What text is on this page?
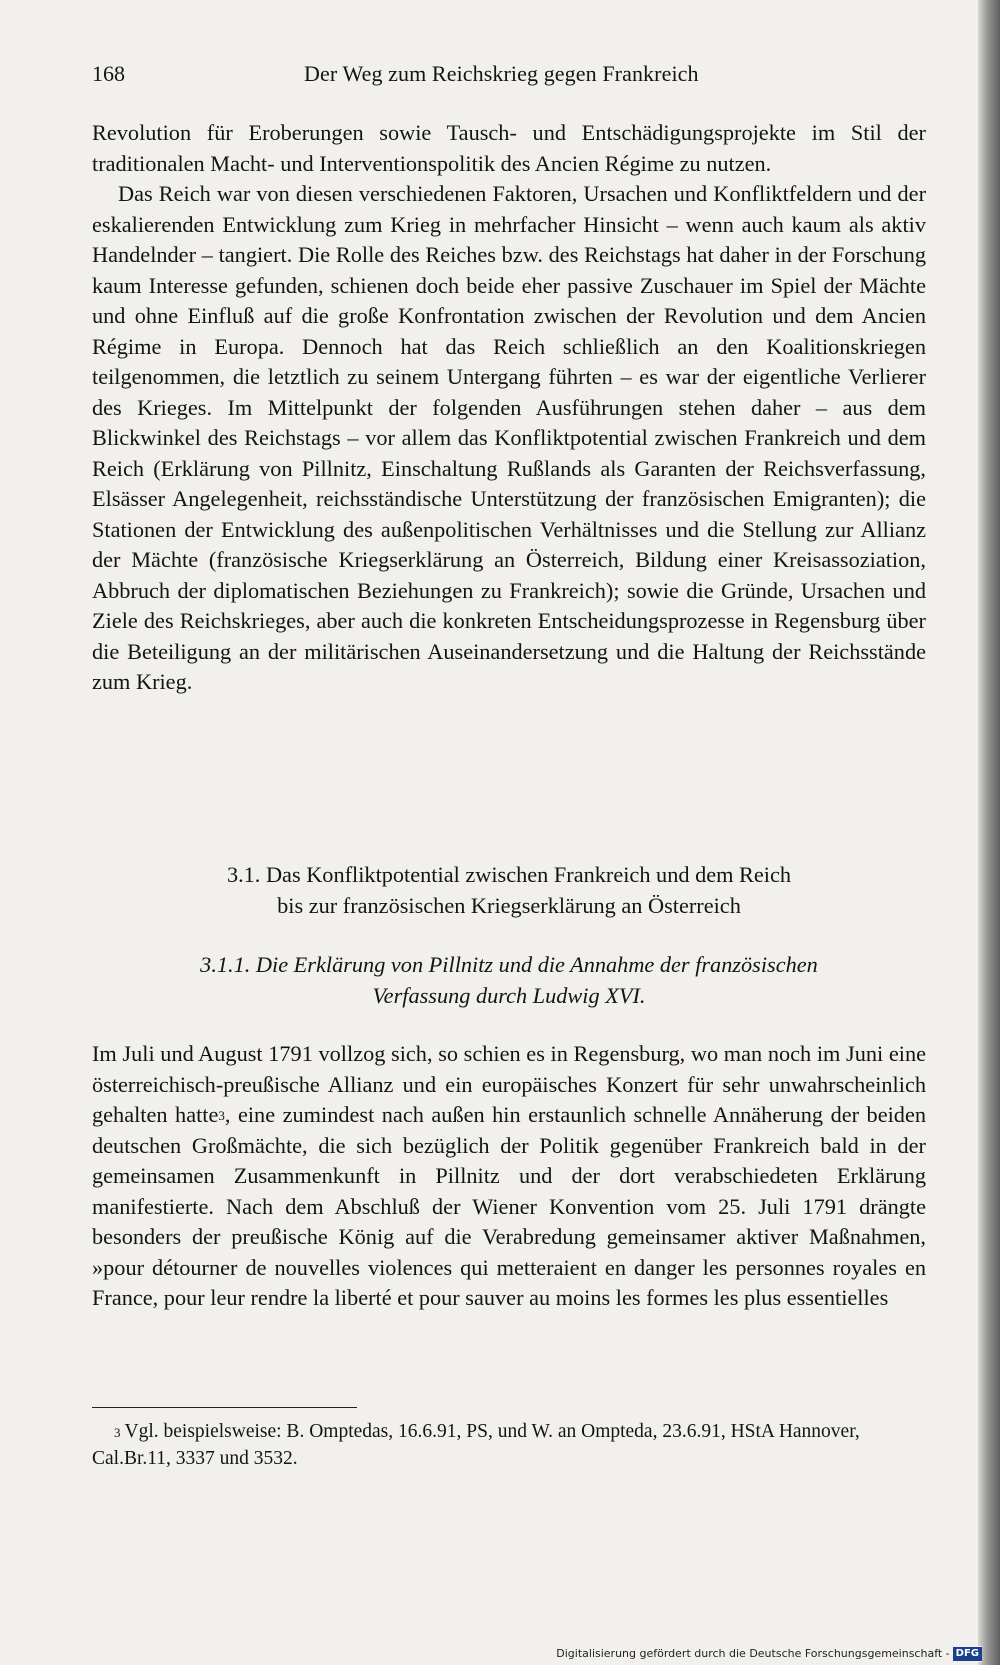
168	Der Weg zum Reichskrieg gegen Frankreich

Revolution für Eroberungen sowie Tausch- und Entschädigungsprojekte im Stil der traditionalen Macht- und Interventionspolitik des Ancien Régime zu nutzen.

Das Reich war von diesen verschiedenen Faktoren, Ursachen und Konfliktfeldern und der eskalierenden Entwicklung zum Krieg in mehrfacher Hinsicht – wenn auch kaum als aktiv Handelnder – tangiert. Die Rolle des Reiches bzw. des Reichstags hat daher in der Forschung kaum Interesse gefunden, schienen doch beide eher passive Zuschauer im Spiel der Mächte und ohne Einfluß auf die große Konfrontation zwischen der Revolution und dem Ancien Régime in Europa. Dennoch hat das Reich schließlich an den Koalitionskriegen teilgenommen, die letztlich zu seinem Untergang führten – es war der eigentliche Verlierer des Krieges. Im Mittelpunkt der folgenden Ausführungen stehen daher – aus dem Blickwinkel des Reichstags – vor allem das Konfliktpotential zwischen Frankreich und dem Reich (Erklärung von Pillnitz, Einschaltung Rußlands als Garanten der Reichsverfassung, Elsässer Angelegenheit, reichsständische Unterstützung der französischen Emigranten); die Stationen der Entwicklung des außenpolitischen Verhältnisses und die Stellung zur Allianz der Mächte (französische Kriegserklärung an Österreich, Bildung einer Kreisassoziation, Abbruch der diplomatischen Beziehungen zu Frankreich); sowie die Gründe, Ursachen und Ziele des Reichskrieges, aber auch die konkreten Entscheidungsprozesse in Regensburg über die Beteiligung an der militärischen Auseinandersetzung und die Haltung der Reichsstände zum Krieg.

3.1. Das Konfliktpotential zwischen Frankreich und dem Reich
bis zur französischen Kriegserklärung an Österreich
3.1.1. Die Erklärung von Pillnitz und die Annahme der französischen
Verfassung durch Ludwig XVI.

Im Juli und August 1791 vollzog sich, so schien es in Regensburg, wo man noch im Juni eine österreichisch-preußische Allianz und ein europäisches Konzert für sehr unwahrscheinlich gehalten hatte$^3$, eine zumindest nach außen hin erstaunlich schnelle Annäherung der beiden deutschen Großmächte, die sich bezüglich der Politik gegenüber Frankreich bald in der gemeinsamen Zusammenkunft in Pillnitz und der dort verabschiedeten Erklärung manifestierte. Nach dem Abschluß der Wiener Konvention vom 25. Juli 1791 drängte besonders der preußische König auf die Verabredung gemeinsamer aktiver Maßnahmen, »pour détourner de nouvelles violences qui metteraient en danger les personnes royales en France, pour leur rendre la liberté et pour sauver au moins les formes les plus essentielles

$^3$ Vgl. beispielsweise: B. Omptedas, 16.6.91, PS, und W. an Ompteda, 23.6.91, HStA Hannover, Cal.Br.11, 3337 und 3532.
Digitalisierung gefördert durch die Deutsche Forschungsgemeinschaft - DFG
